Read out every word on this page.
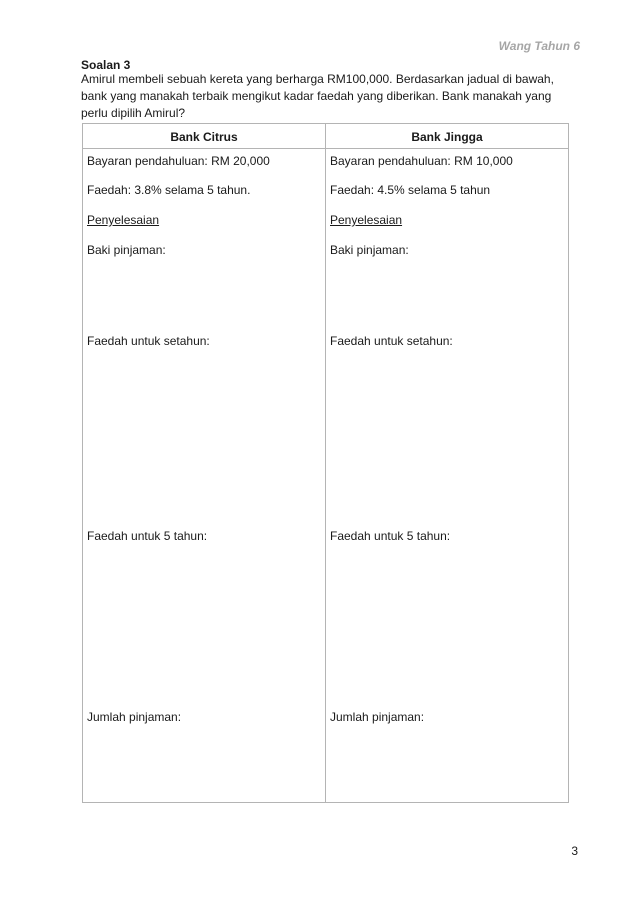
Wang Tahun 6
Soalan 3
Amirul membeli sebuah kereta yang berharga RM100,000. Berdasarkan jadual di bawah,
bank yang manakah terbaik mengikut kadar faedah yang diberikan. Bank manakah yang
perlu dipilih Amirul?
Bank Citrus	Bank Jingga
Bayaran pendahuluan: RM 20,000
Faedah: 3.8% selama 5 tahun.
Penyelesaian
Baki pinjaman:
Faedah untuk setahun:
Faedah untuk 5 tahun:
Jumlah pinjaman:
Bayaran pendahuluan: RM 10,000
Faedah: 4.5% selama 5 tahun
Penyelesaian
Baki pinjaman:
Faedah untuk setahun:
Faedah untuk 5 tahun:
Jumlah pinjaman:
3
